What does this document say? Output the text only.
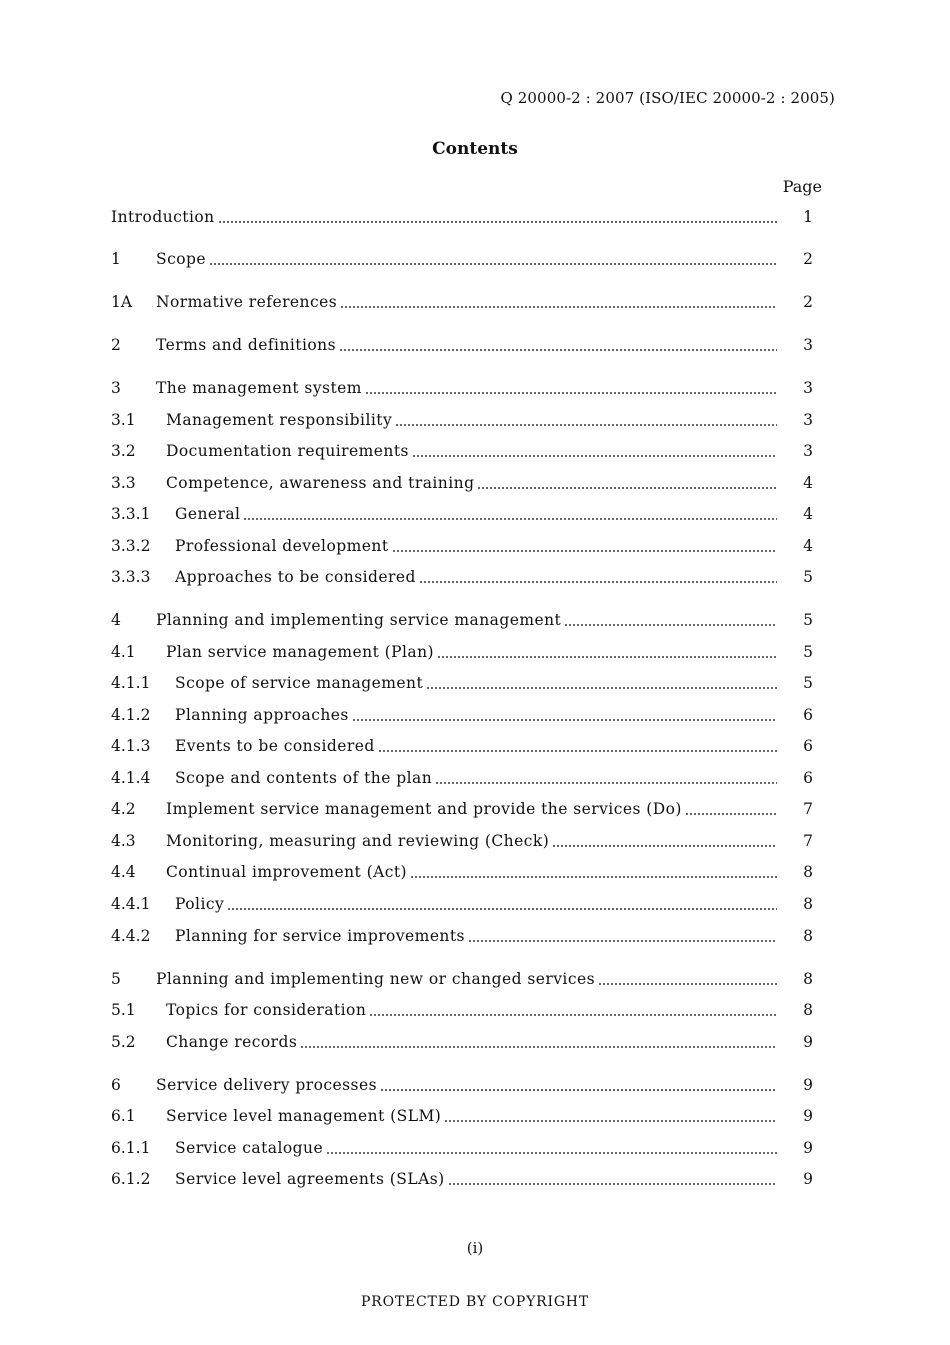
Q 20000-2 : 2007 (ISO/IEC 20000-2 : 2005)
Contents
Page
Introduction	1
1	Scope	2
1A	Normative references	2
2	Terms and definitions	3
3	The management system	3
3.1	Management responsibility	3
3.2	Documentation requirements	3
3.3	Competence, awareness and training	4
3.3.1	General	4
3.3.2	Professional development	4
3.3.3	Approaches to be considered	5
4	Planning and implementing service management	5
4.1	Plan service management (Plan)	5
4.1.1	Scope of service management	5
4.1.2	Planning approaches	6
4.1.3	Events to be considered	6
4.1.4	Scope and contents of the plan	6
4.2	Implement service management and provide the services (Do)	7
4.3	Monitoring, measuring and reviewing (Check)	7
4.4	Continual improvement (Act)	8
4.4.1	Policy	8
4.4.2	Planning for service improvements	8
5	Planning and implementing new or changed services	8
5.1	Topics for consideration	8
5.2	Change records	9
6	Service delivery processes	9
6.1	Service level management (SLM)	9
6.1.1	Service catalogue	9
6.1.2	Service level agreements (SLAs)	9
(i)
PROTECTED BY COPYRIGHT
